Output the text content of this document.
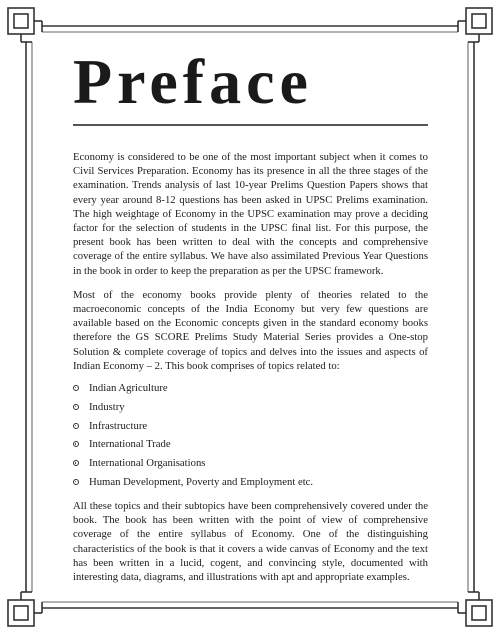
Preface

Economy is considered to be one of the most important subject when it comes to Civil Services Preparation. Economy has its presence in all the three stages of the examination. Trends analysis of last 10-year Prelims Question Papers shows that every year around 8-12 questions has been asked in UPSC Prelims examination. The high weightage of Economy in the UPSC examination may prove a deciding factor for the selection of students in the UPSC final list. For this purpose, the present book has been written to deal with the concepts and comprehensive coverage of the entire syllabus. We have also assimilated Previous Year Questions in the book in order to keep the preparation as per the UPSC framework.

Most of the economy books provide plenty of theories related to the macroeconomic concepts of the India Economy but very few questions are available based on the Economic concepts given in the standard economy books therefore the GS SCORE Prelims Study Material Series provides a One-stop Solution & complete coverage of topics and delves into the issues and aspects of Indian Economy – 2. This book comprises of topics related to:

Indian Agriculture
Industry
Infrastructure
International Trade
International Organisations
Human Development, Poverty and Employment etc.

All these topics and their subtopics have been comprehensively covered under the book. The book has been written with the point of view of comprehensive coverage of the entire syllabus of Economy. One of the distinguishing characteristics of the book is that it covers a wide canvas of Economy and the text has been written in a lucid, cogent, and convincing style, documented with interesting data, diagrams, and illustrations with apt and appropriate examples.
